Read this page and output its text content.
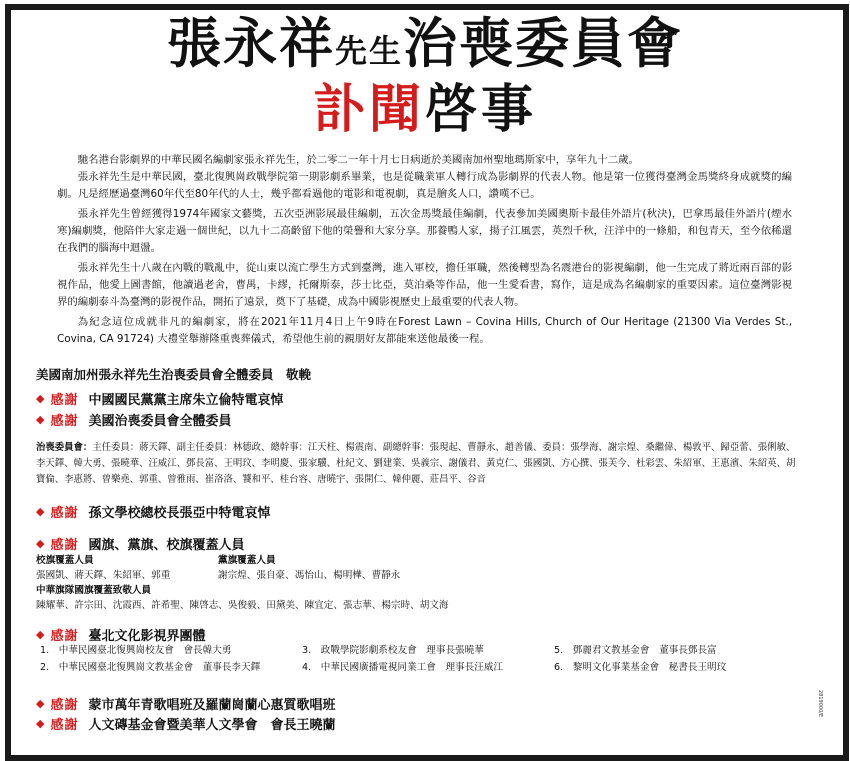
張永祥先生治喪委員會
訃聞啓事

馳名港台影劇界的中華民國名編劇家張永祥先生，於二零二一年十月七日病逝於美國南加州聖地瑪斯家中，享年九十二歲。

張永祥先生是中華民國，臺北復興崗政戰學院第一期影劇系畢業，也是從職業軍人轉行成為影劇界的代表人物。他是第一位獲得臺灣金馬獎終身成就獎的編劇。凡是經歷過臺灣60年代至80年代的人士，幾乎都看過他的電影和電視劇，真是膾炙人口，讚嘆不已。

張永祥先生曾經獲得1974年國家文藝獎，五次亞洲影展最佳編劇，五次金馬獎最佳編劇，代表參加美國奧斯卡最佳外語片(秋決)，巴拿馬最佳外語片(煙水寒)編劇獎，他陪伴大家走過一個世紀，以九十二高齡留下他的榮譽和大家分享。那養鴨人家，揚子江風雲，英烈千秋，汪洋中的一條船，和包青天，至今依稀還在我們的腦海中迴盪。

張永祥先生十八歲在內戰的戰亂中，從山東以流亡學生方式到臺灣，進入軍校，擔任軍職，然後轉型為名震港台的影視編劇，他一生完成了將近兩百部的影視作品，他愛上圖書館，他讀過老舍，曹禺，卡繆，托爾斯泰，莎士比亞，莫泊桑等作品，他一生愛看書，寫作，這是成為名編劇家的重要因素。這位臺灣影視界的編劇泰斗為臺灣的影視作品，開拓了遠景，奠下了基礎，成為中國影視歷史上最重要的代表人物。

為紀念這位成就非凡的編劇家，將在2021年11月4日上午9時在Forest Lawn – Covina Hills, Church of Our Heritage (21300 Via Verdes St., Covina, CA 91724) 大禮堂舉辦隆重喪葬儀式，希望他生前的親朋好友都能來送他最後一程。

美國南加州張永祥先生治喪委員會全體委員　敬輓
◆ 感謝 中國國民黨黨主席朱立倫特電哀悼
◆ 感謝 美國治喪委員會全體委員
治喪委員會：主任委員：蔣天鐸、副主任委員：林德政、總幹事：江天柱、楊震南、副總幹事：張現起、曹靜永、趙善儀、委員：張學海、謝宗煌、桑繼偉、楊敦平、歸亞蕾、張俐敏、李天鐸、韓大勇、張曉華、汪威江、鄧長富、王明玟、李明慶、張家驥、杜紀文、劉建業、吳義宗、謝儀君、黃克仁、張國凱、方心撰、張芙今、杜彩雲、朱紹軍、王惠濱、朱紹英、胡寶倫、李惠將、曾樂堯、郭重、曾雅雨、崔洛洛、饕和平、桂台容、唐曉宇、張開仁、韓仲麗、莊昌平、谷音
◆ 感謝 孫文學校總校長張亞中特電哀悼
◆ 感謝 國旗、黨旗、校旗覆蓋人員
校旗覆蓋人員
張國凱、蔣天鐸、朱紹軍、郭重
黨旗覆蓋人員
謝宗煌、張自豪、馮怡山、楊明樺、曹靜永
中華旗隊國旗覆蓋致敬人員
陳耀華、許宗田、沈霞西、許希聖、陳啓志、吳俊毅、田黛美、陳宜定、張志華、楊宗時、胡文海
◆ 感謝 臺北文化影視界團體
1.　中華民國臺北復興崗校友會　會長韓大勇	3.　政戰學院影劇系校友會　理事長張曉華	5.　鄧麗君文教基金會　董事長鄧長富
2.　中華民國臺北復興崗文教基金會　董事長李天鐸	4.　中華民國廣播電視同業工會　理事長汪威江	6.　黎明文化事業基金會　秘書長王明玟
◆ 感謝 蒙市萬年青歌唱班及羅蘭崗蘭心惠質歌唱班
◆ 感謝 人文磚基金會暨美華人文學會　會長王曉蘭
2819000/E
